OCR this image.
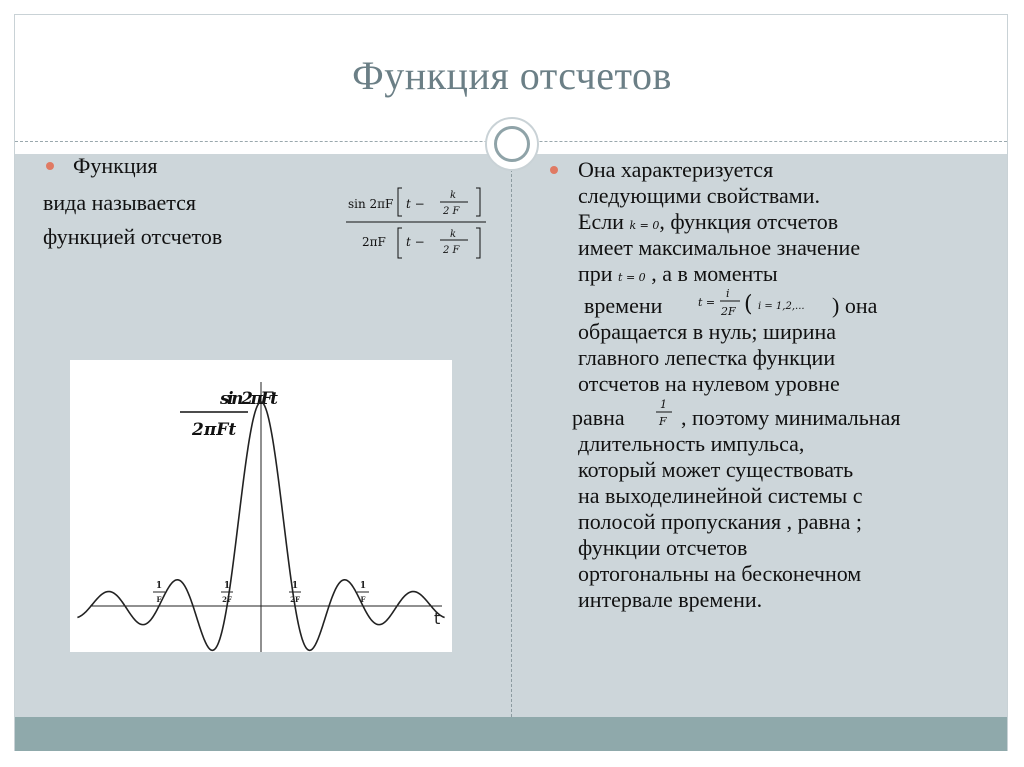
Функция отсчетов
Функция
вида называется
функцией отсчетов
sin 2πF t −
k
2 F
2πF t −
k
2 F
t
sin2πFt
2πFt
1
F
1
2F
1
2F
1
F
Она характеризуется
следующими свойствами.
Если k = 0, функция отсчетов
имеет максимальное значение
при t = 0 , а в моменты
времени	t =
i
2F ( i = 1,2,... ) она
обращается в нуль; ширина
главного лепестка функции
отсчетов на нулевом уровне
равна
1
F , поэтому минимальная
длительность импульса,
который может существовать
на выходелинейной системы с
полосой пропускания , равна ;
функции отсчетов
ортогональны на бесконечном
интервале времени.
